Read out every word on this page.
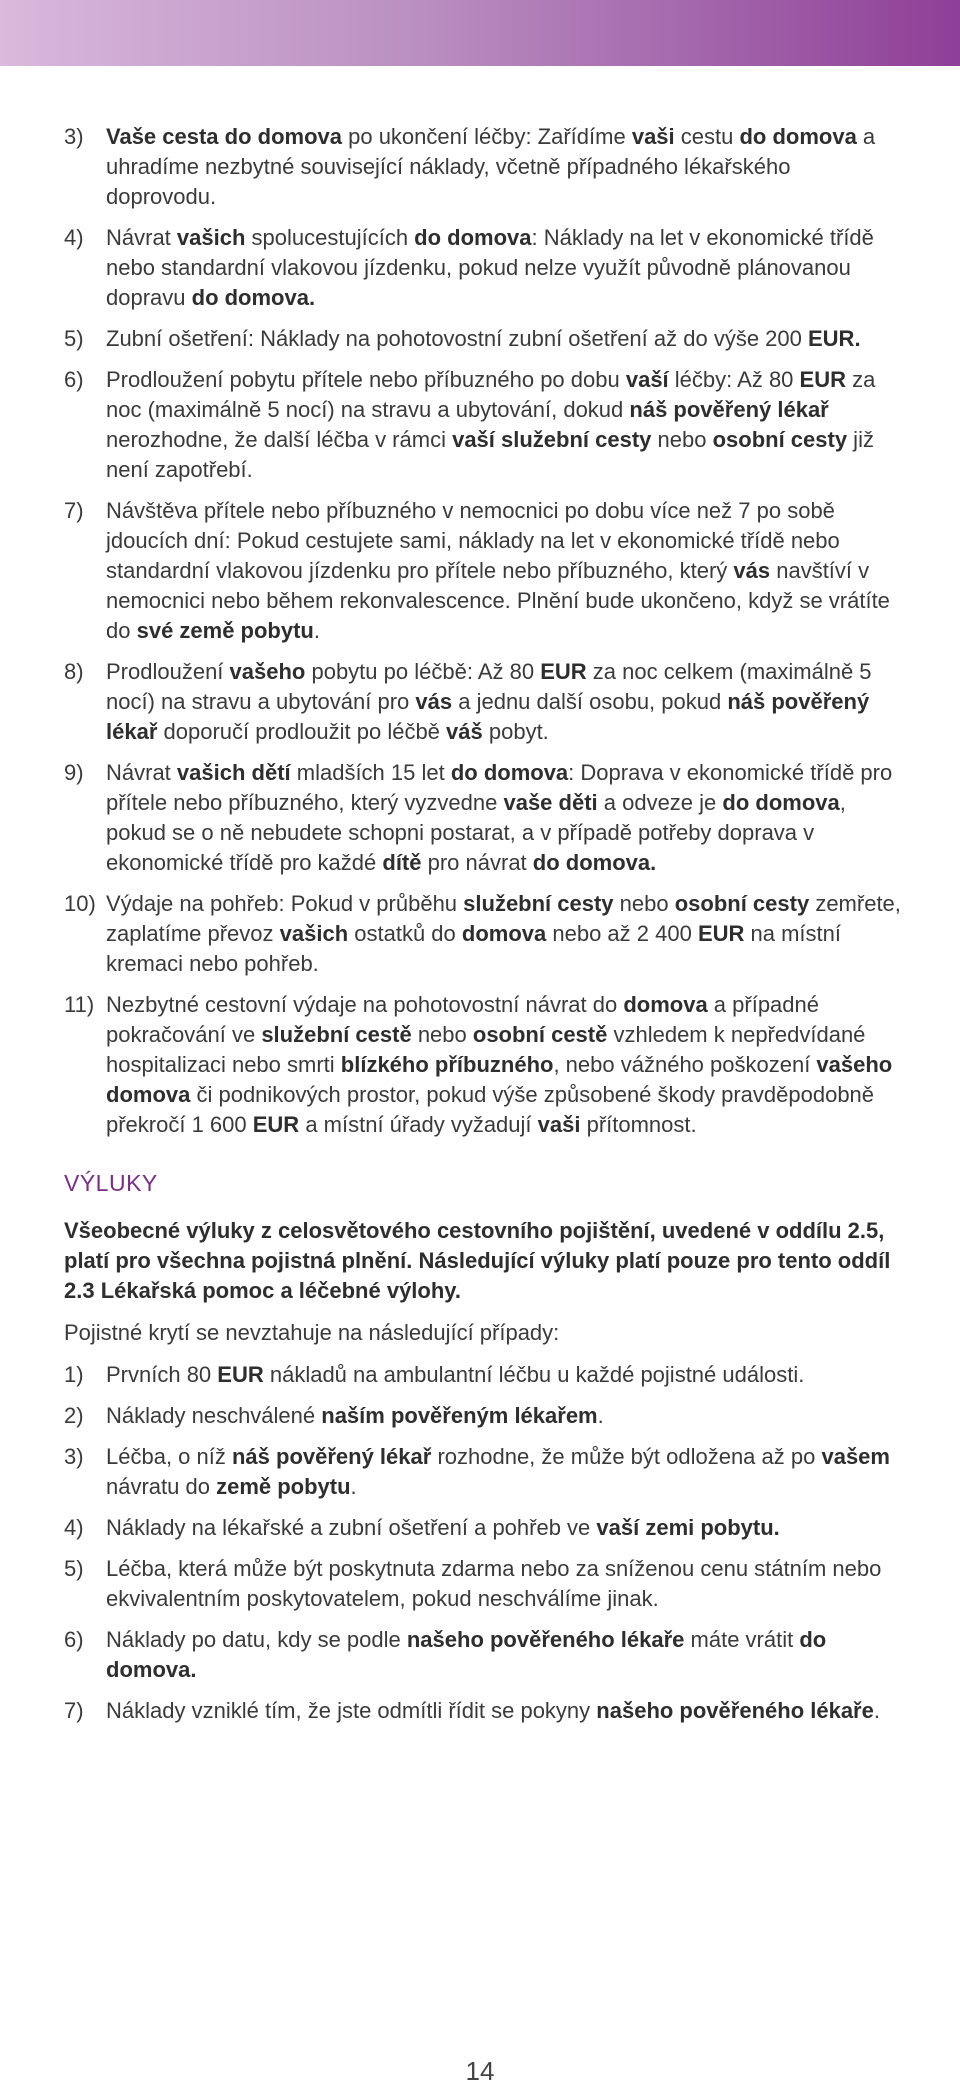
3) Vaše cesta do domova po ukončení léčby: Zařídíme vaši cestu do domova a uhradíme nezbytné související náklady, včetně případného lékařského doprovodu.
4) Návrat vašich spolucestujících do domova: Náklady na let v ekonomické třídě nebo standardní vlakovou jízdenku, pokud nelze využít původně plánovanou dopravu do domova.
5) Zubní ošetření: Náklady na pohotovostní zubní ošetření až do výše 200 EUR.
6) Prodloužení pobytu přítele nebo příbuzného po dobu vaší léčby: Až 80 EUR za noc (maximálně 5 nocí) na stravu a ubytování, dokud náš pověřený lékař nerozhodne, že další léčba v rámci vaší služební cesty nebo osobní cesty již není zapotřebí.
7) Návštěva přítele nebo příbuzného v nemocnici po dobu více než 7 po sobě jdoucích dní: Pokud cestujete sami, náklady na let v ekonomické třídě nebo standardní vlakovou jízdenku pro přítele nebo příbuzného, který vás navštíví v nemocnici nebo během rekonvalescence. Plnění bude ukončeno, když se vrátíte do své země pobytu.
8) Prodloužení vašeho pobytu po léčbě: Až 80 EUR za noc celkem (maximálně 5 nocí) na stravu a ubytování pro vás a jednu další osobu, pokud náš pověřený lékař doporučí prodloužit po léčbě váš pobyt.
9) Návrat vašich dětí mladších 15 let do domova: Doprava v ekonomické třídě pro přítele nebo příbuzného, který vyzvedne vaše děti a odveze je do domova, pokud se o ně nebudete schopni postarat, a v případě potřeby doprava v ekonomické třídě pro každé dítě pro návrat do domova.
10) Výdaje na pohřeb: Pokud v průběhu služební cesty nebo osobní cesty zemřete, zaplatíme převoz vašich ostatků do domova nebo až 2 400 EUR na místní kremaci nebo pohřeb.
11) Nezbytné cestovní výdaje na pohotovostní návrat do domova a případné pokračování ve služební cestě nebo osobní cestě vzhledem k nepředvídané hospitalizaci nebo smrti blízkého příbuzného, nebo vážného poškození vašeho domova či podnikových prostor, pokud výše způsobené škody pravděpodobně překročí 1 600 EUR a místní úřady vyžadují vaši přítomnost.
VÝLUKY

Všeobecné výluky z celosvětového cestovního pojištění, uvedené v oddílu 2.5, platí pro všechna pojistná plnění. Následující výluky platí pouze pro tento oddíl 2.3 Lékařská pomoc a léčebné výlohy.

Pojistné krytí se nevztahuje na následující případy:

1) Prvních 80 EUR nákladů na ambulantní léčbu u každé pojistné události.
2) Náklady neschválené naším pověřeným lékařem.
3) Léčba, o níž náš pověřený lékař rozhodne, že může být odložena až po vašem návratu do země pobytu.
4) Náklady na lékařské a zubní ošetření a pohřeb ve vaší zemi pobytu.
5) Léčba, která může být poskytnuta zdarma nebo za sníženou cenu státním nebo ekvivalentním poskytovatelem, pokud neschválíme jinak.
6) Náklady po datu, kdy se podle našeho pověřeného lékaře máte vrátit do domova.
7) Náklady vzniklé tím, že jste odmítli řídit se pokyny našeho pověřeného lékaře.
14
